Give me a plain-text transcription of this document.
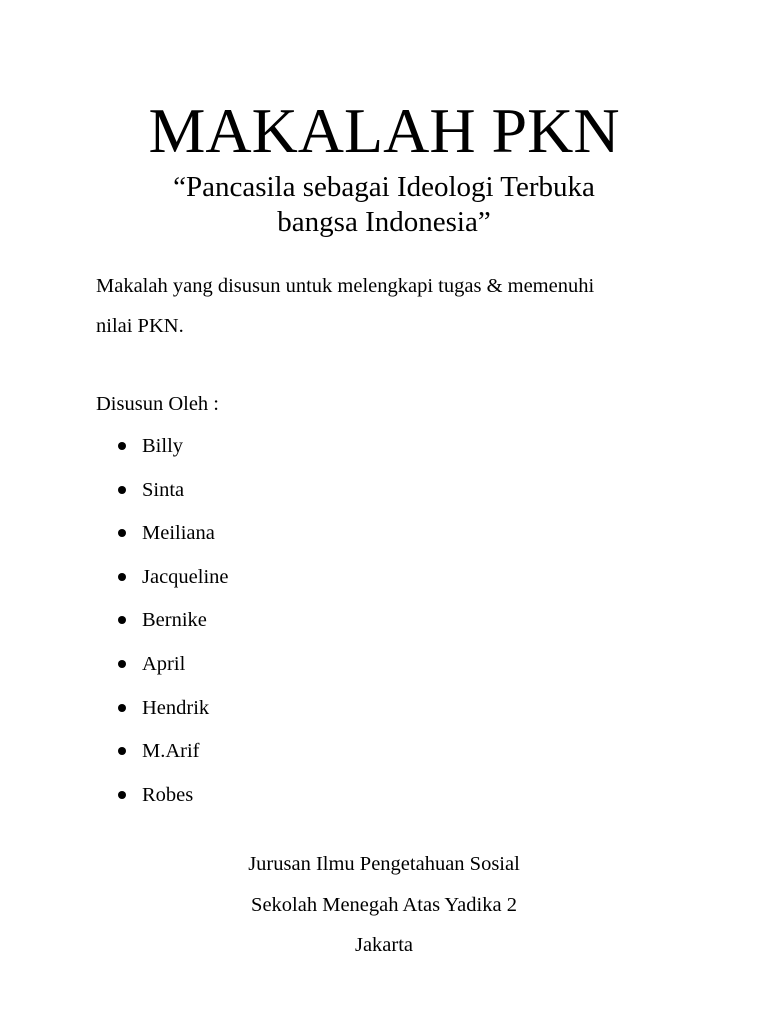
MAKALAH PKN
“Pancasila sebagai Ideologi Terbuka
bangsa Indonesia”
Makalah yang disusun untuk melengkapi tugas & memenuhi
nilai PKN.
Disusun Oleh :
Billy
Sinta
Meiliana
Jacqueline
Bernike
April
Hendrik
M.Arif
Robes
Jurusan Ilmu Pengetahuan Sosial
Sekolah Menegah Atas Yadika 2
Jakarta
